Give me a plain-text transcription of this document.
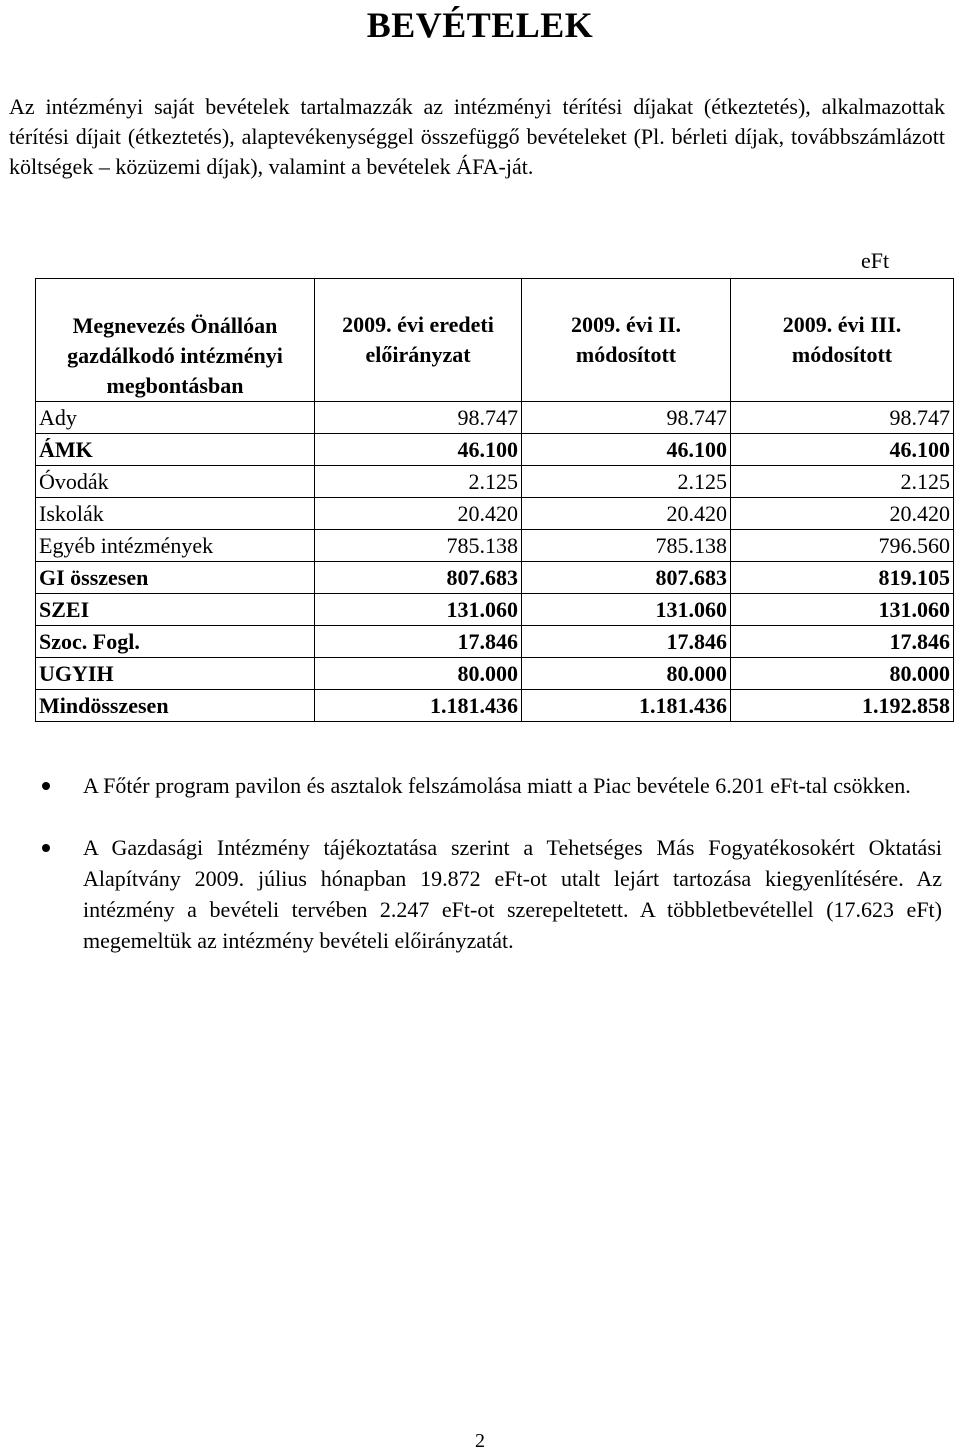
BEVÉTELEK

Az intézményi saját bevételek tartalmazzák az intézményi térítési díjakat (étkeztetés), alkalmazottak térítési díjait (étkeztetés), alaptevékenységgel összefüggő bevételeket (Pl. bérleti díjak, továbbszámlázott költségek – közüzemi díjak), valamint a bevételek ÁFA-ját.

eFt
Megnevezés Önállóan gazdálkodó intézményi megbontásban	2009. évi eredeti előirányzat	2009. évi II. módosított	2009. évi III. módosított
Ady	98.747	98.747	98.747
ÁMK	46.100	46.100	46.100
Óvodák	2.125	2.125	2.125
Iskolák	20.420	20.420	20.420
Egyéb intézmények	785.138	785.138	796.560
GI összesen	807.683	807.683	819.105
SZEI	131.060	131.060	131.060
Szoc. Fogl.	17.846	17.846	17.846
UGYIH	80.000	80.000	80.000
Mindösszesen	1.181.436	1.181.436	1.192.858
A Főtér program pavilon és asztalok felszámolása miatt a Piac bevétele 6.201 eFt-tal csökken.
A Gazdasági Intézmény tájékoztatása szerint a Tehetséges Más Fogyatékosokért Oktatási Alapítvány 2009. július hónapban 19.872 eFt-ot utalt lejárt tartozása kiegyenlítésére. Az intézmény a bevételi tervében 2.247 eFt-ot szerepeltetett. A többletbevétellel (17.623 eFt) megemeltük az intézmény bevételi előirányzatát.
2
